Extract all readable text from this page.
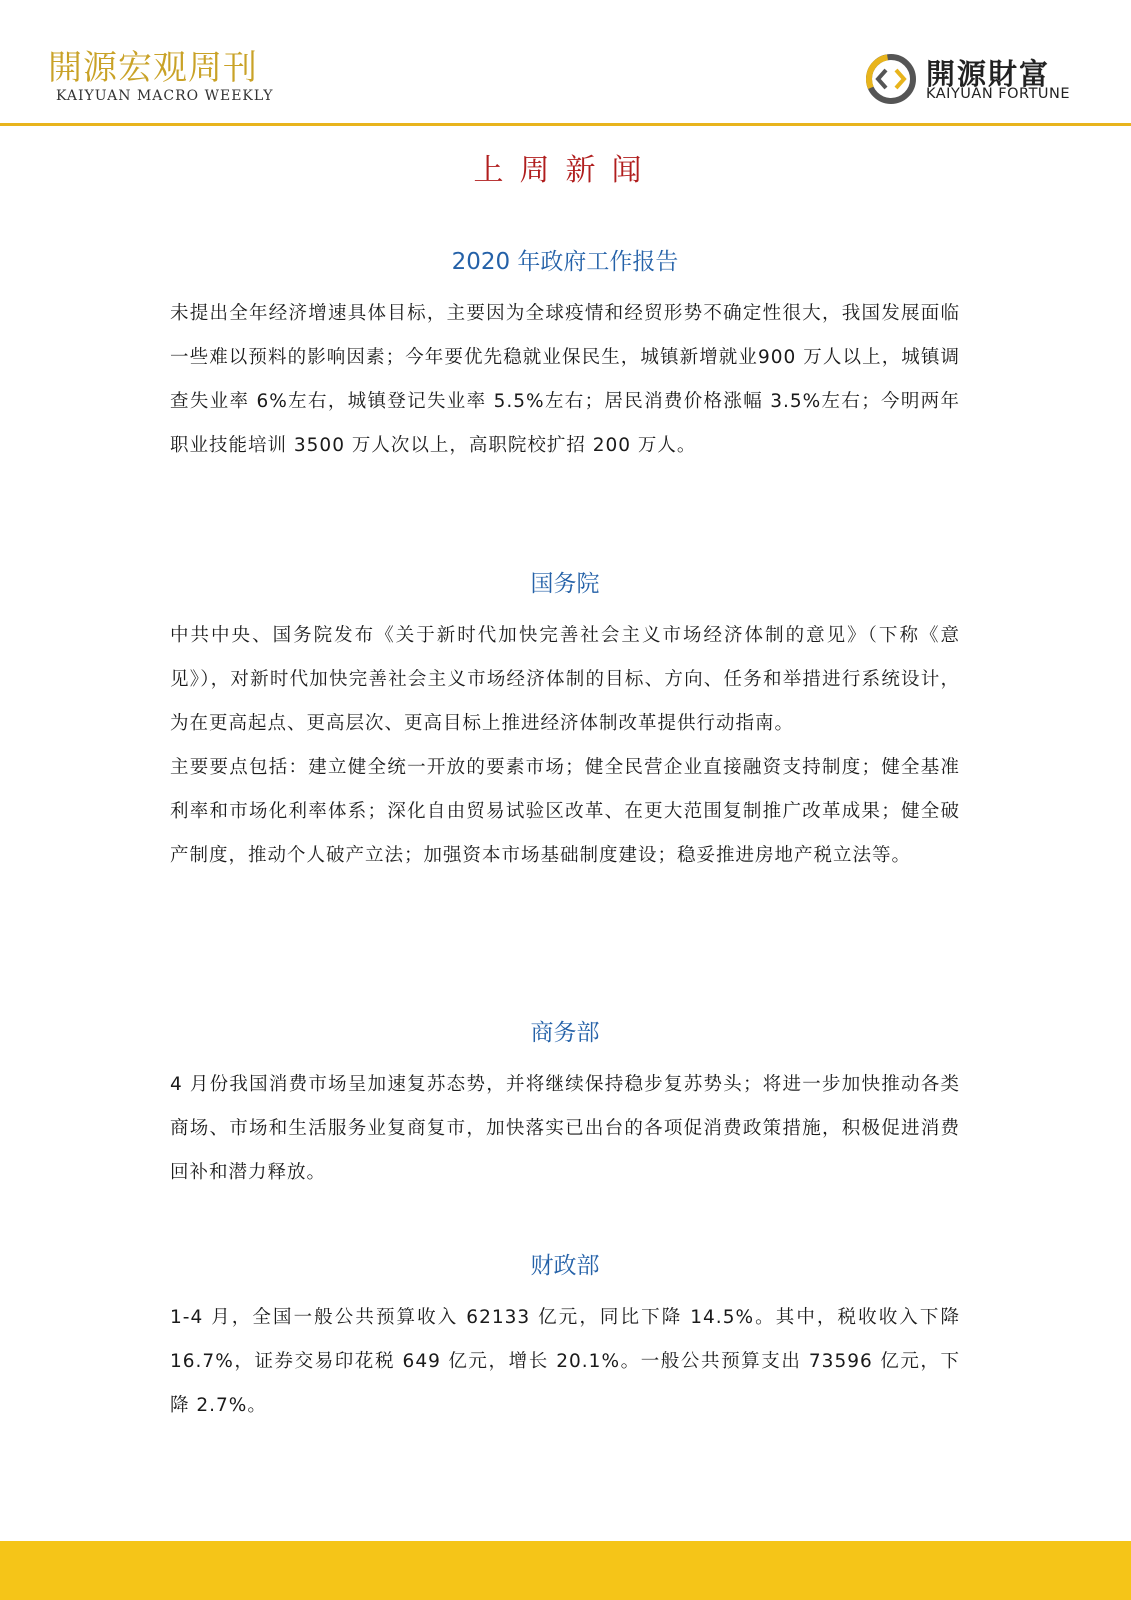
開源宏观周刊
KAIYUAN MACRO WEEKLY
開源財富
KAIYUAN FORTUNE
上周新闻
2020 年政府工作报告

未提出全年经济增速具体目标，主要因为全球疫情和经贸形势不确定性很大，我国发展面临一些难以预料的影响因素；今年要优先稳就业保民生，城镇新增就业900 万人以上，城镇调查失业率 6%左右，城镇登记失业率 5.5%左右；居民消费价格涨幅 3.5%左右；今明两年职业技能培训 3500 万人次以上，高职院校扩招 200 万人。

国务院

中共中央、国务院发布《关于新时代加快完善社会主义市场经济体制的意见》（下称《意见》），对新时代加快完善社会主义市场经济体制的目标、方向、任务和举措进行系统设计，为在更高起点、更高层次、更高目标上推进经济体制改革提供行动指南。

主要要点包括：建立健全统一开放的要素市场；健全民营企业直接融资支持制度；健全基准利率和市场化利率体系；深化自由贸易试验区改革、在更大范围复制推广改革成果；健全破产制度，推动个人破产立法；加强资本市场基础制度建设；稳妥推进房地产税立法等。

商务部

4 月份我国消费市场呈加速复苏态势，并将继续保持稳步复苏势头；将进一步加快推动各类商场、市场和生活服务业复商复市，加快落实已出台的各项促消费政策措施，积极促进消费回补和潜力释放。

财政部

1-4 月，全国一般公共预算收入 62133 亿元，同比下降 14.5%。其中，税收收入下降 16.7%，证券交易印花税 649 亿元，增长 20.1%。一般公共预算支出 73596 亿元，下降 2.7%。
